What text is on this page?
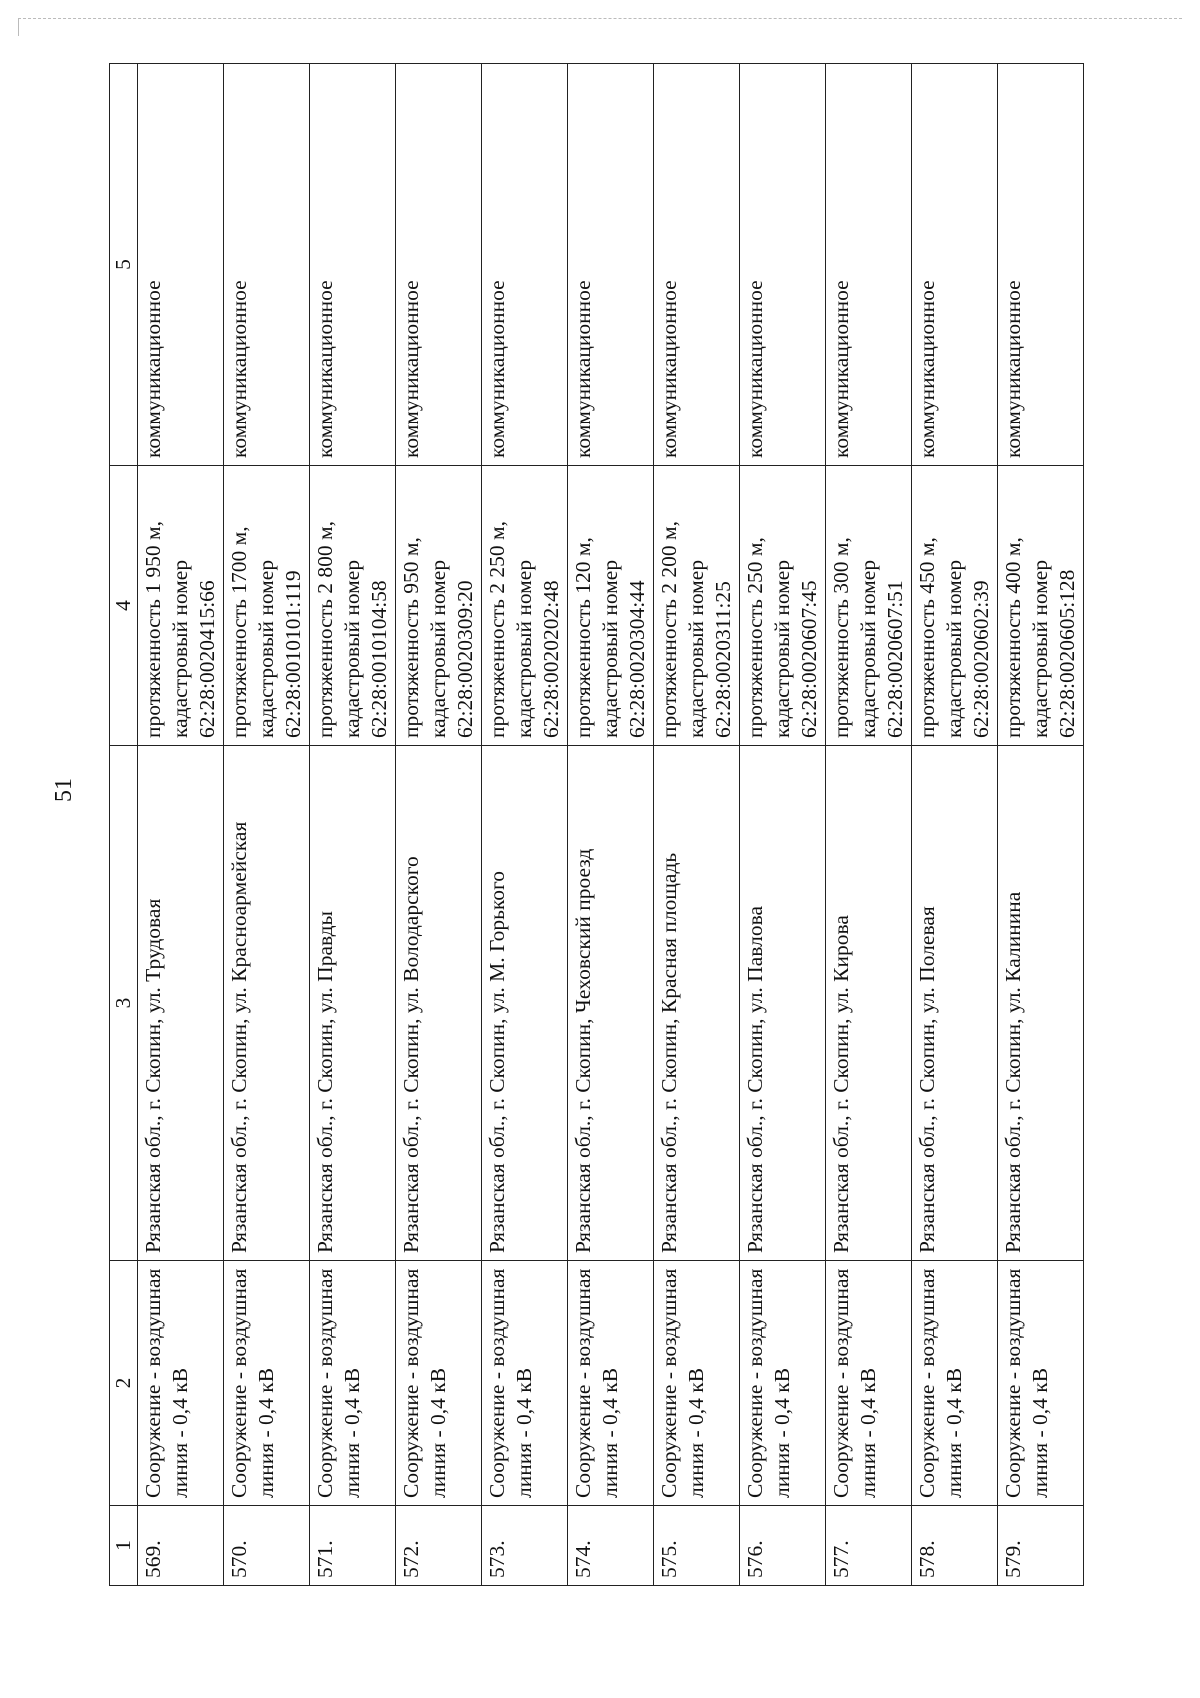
51
1	2	3	4	5

569.	Сооружение - воздушная линия - 0,4 кВ	Рязанская обл., г. Скопин, ул. Трудовая	протяженность 1 950 м, кадастровый номер 62:28:0020415:66	коммуникационное

570.	Сооружение - воздушная линия - 0,4 кВ	Рязанская обл., г. Скопин, ул. Красноармейская	протяженность 1700 м, кадастровый номер 62:28:0010101:119	коммуникационное

571.	Сооружение - воздушная линия - 0,4 кВ	Рязанская обл., г. Скопин, ул. Правды	протяженность 2 800 м, кадастровый номер 62:28:0010104:58	коммуникационное

572.	Сооружение - воздушная линия - 0,4 кВ	Рязанская обл., г. Скопин, ул. Володарского	протяженность 950 м, кадастровый номер 62:28:0020309:20	коммуникационное

573.	Сооружение - воздушная линия - 0,4 кВ	Рязанская обл., г. Скопин, ул. М. Горького	протяженность 2 250 м, кадастровый номер 62:28:0020202:48	коммуникационное

574.	Сооружение - воздушная линия - 0,4 кВ	Рязанская обл., г. Скопин, Чеховский проезд	протяженность 120 м, кадастровый номер 62:28:0020304:44	коммуникационное

575.	Сооружение - воздушная линия - 0,4 кВ	Рязанская обл., г. Скопин, Красная площадь	протяженность 2 200 м, кадастровый номер 62:28:0020311:25	коммуникационное

576.	Сооружение - воздушная линия - 0,4 кВ	Рязанская обл., г. Скопин, ул. Павлова	протяженность 250 м, кадастровый номер 62:28:0020607:45	коммуникационное

577.	Сооружение - воздушная линия - 0,4 кВ	Рязанская обл., г. Скопин, ул. Кирова	протяженность 300 м, кадастровый номер 62:28:0020607:51	коммуникационное

578.	Сооружение - воздушная линия - 0,4 кВ	Рязанская обл., г. Скопин, ул. Полевая	протяженность 450 м, кадастровый номер 62:28:0020602:39	коммуникационное

579.	Сооружение - воздушная линия - 0,4 кВ	Рязанская обл., г. Скопин, ул. Калинина	протяженность 400 м, кадастровый номер 62:28:0020605:128	коммуникационное
